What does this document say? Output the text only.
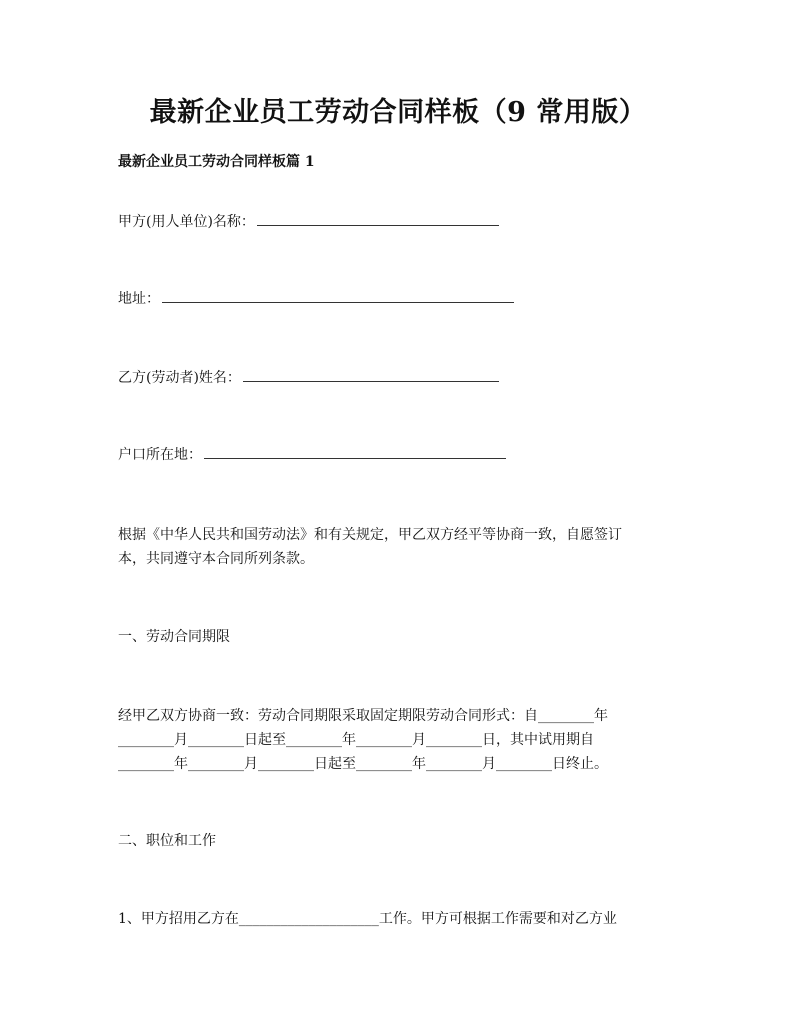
最新企业员工劳动合同样板（9 常用版）
最新企业员工劳动合同样板篇 1
甲方(用人单位)名称：
地址：
乙方(劳动者)姓名：
户口所在地：
根据《中华人民共和国劳动法》和有关规定，甲乙双方经平等协商一致，自愿签订
本，共同遵守本合同所列条款。
一、劳动合同期限
经甲乙双方协商一致：劳动合同期限采取固定期限劳动合同形式：自________年
________月________日起至________年________月________日，其中试用期自
________年________月________日起至________年________月________日终止。
二、职位和工作
1、甲方招用乙方在____________________工作。甲方可根据工作需要和对乙方业
